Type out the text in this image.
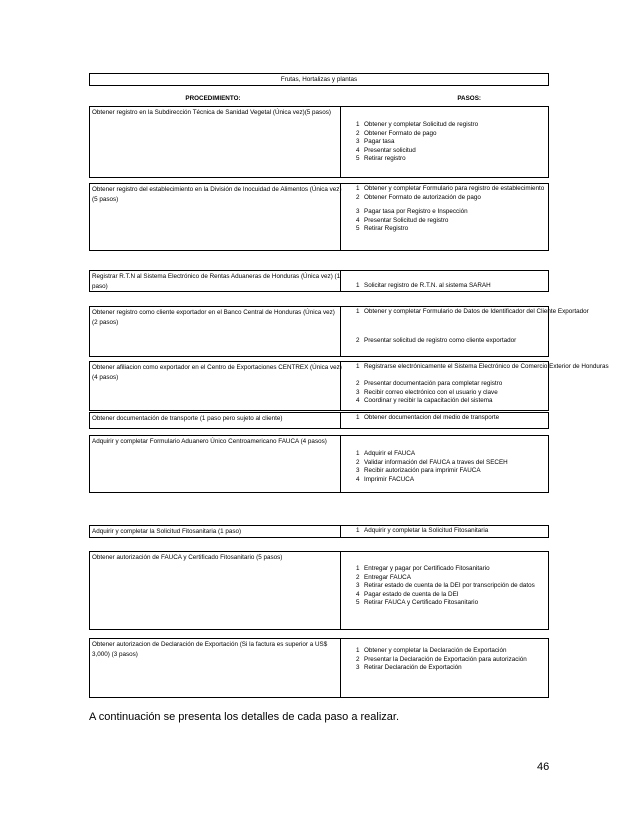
Frutas, Hortalizas y plantas
PROCEDIMIENTO:	PASOS:
Obtener registro en la Subdirección Técnica de Sanidad Vegetal (Única vez)(5 pasos)
1 Obtener y completar Solicitud de registro
2 Obtener Formato de pago
3 Pagar tasa
4 Presentar solicitud
5 Retirar registro
Obtener registro del establecimiento en la División de Inocuidad de Alimentos (Única vez)(5 pasos)
1 Obtener y completar Formulario para registro de establecimiento
2 Obtener Formato de autorización de pago
3 Pagar tasa por Registro e Inspección
4 Presentar Solicitud de registro
5 Retirar Registro
Registrar R.T.N al Sistema Electrónico de Rentas Aduaneras de Honduras (Única vez) (1 paso)	1 Solicitar registro de R.T.N. al sistema SARAH
Obtener registro como cliente exportador en el Banco Central de Honduras (Única vez) (2 pasos)
1 Obtener y completar Formulario de Datos de Identificador del Cliente Exportador
2 Presentar solicitud de registro como cliente exportador
Obtener afiliacion como exportador en el Centro de Exportaciones CENTREX (Única vez) (4 pasos)
1 Registrarse electrónicamente el Sistema Electrónico de Comercio Exterior de Honduras
2 Presentar documentación para completar registro
3 Recibir correo electrónico con el usuario y clave
4 Coordinar y recibir la capacitación del sistema
Obtener documentación de transporte (1 paso pero sujeto al cliente)	1 Obtener documentacion del medio de transporte
Adquirir y completar Formulario Aduanero Único Centroamericano FAUCA (4 pasos)
1 Adquirir el FAUCA
2 Validar información del FAUCA a traves del SECEH
3 Recibir autorización para imprimir FAUCA
4 Imprimir FACUCA
Adquirir y completar la Solicitud Fitosanitaria (1 paso)	1 Adquirir y completar la Solicitud Fitosanitaria
Obtener autorización de FAUCA y Certificado Fitosanitario (5 pasos)
1 Entregar y pagar por Certificado Fitosanitario
2 Entregar FAUCA
3 Retirar estado de cuenta de la DEI por transcripción de datos
4 Pagar estado de cuenta de la DEI
5 Retirar FAUCA y Certificado Fitosanitario
Obtener autorizacion de Declaración de Exportación (Si la factura es superior a US$ 3,000) (3 pasos)
1 Obtener y completar la Declaración de Exportación
2 Presentar la Declaración de Exportación para autorización
3 Retirar Declaración de Exportación
A continuación se presenta los detalles de cada paso a realizar.
46
